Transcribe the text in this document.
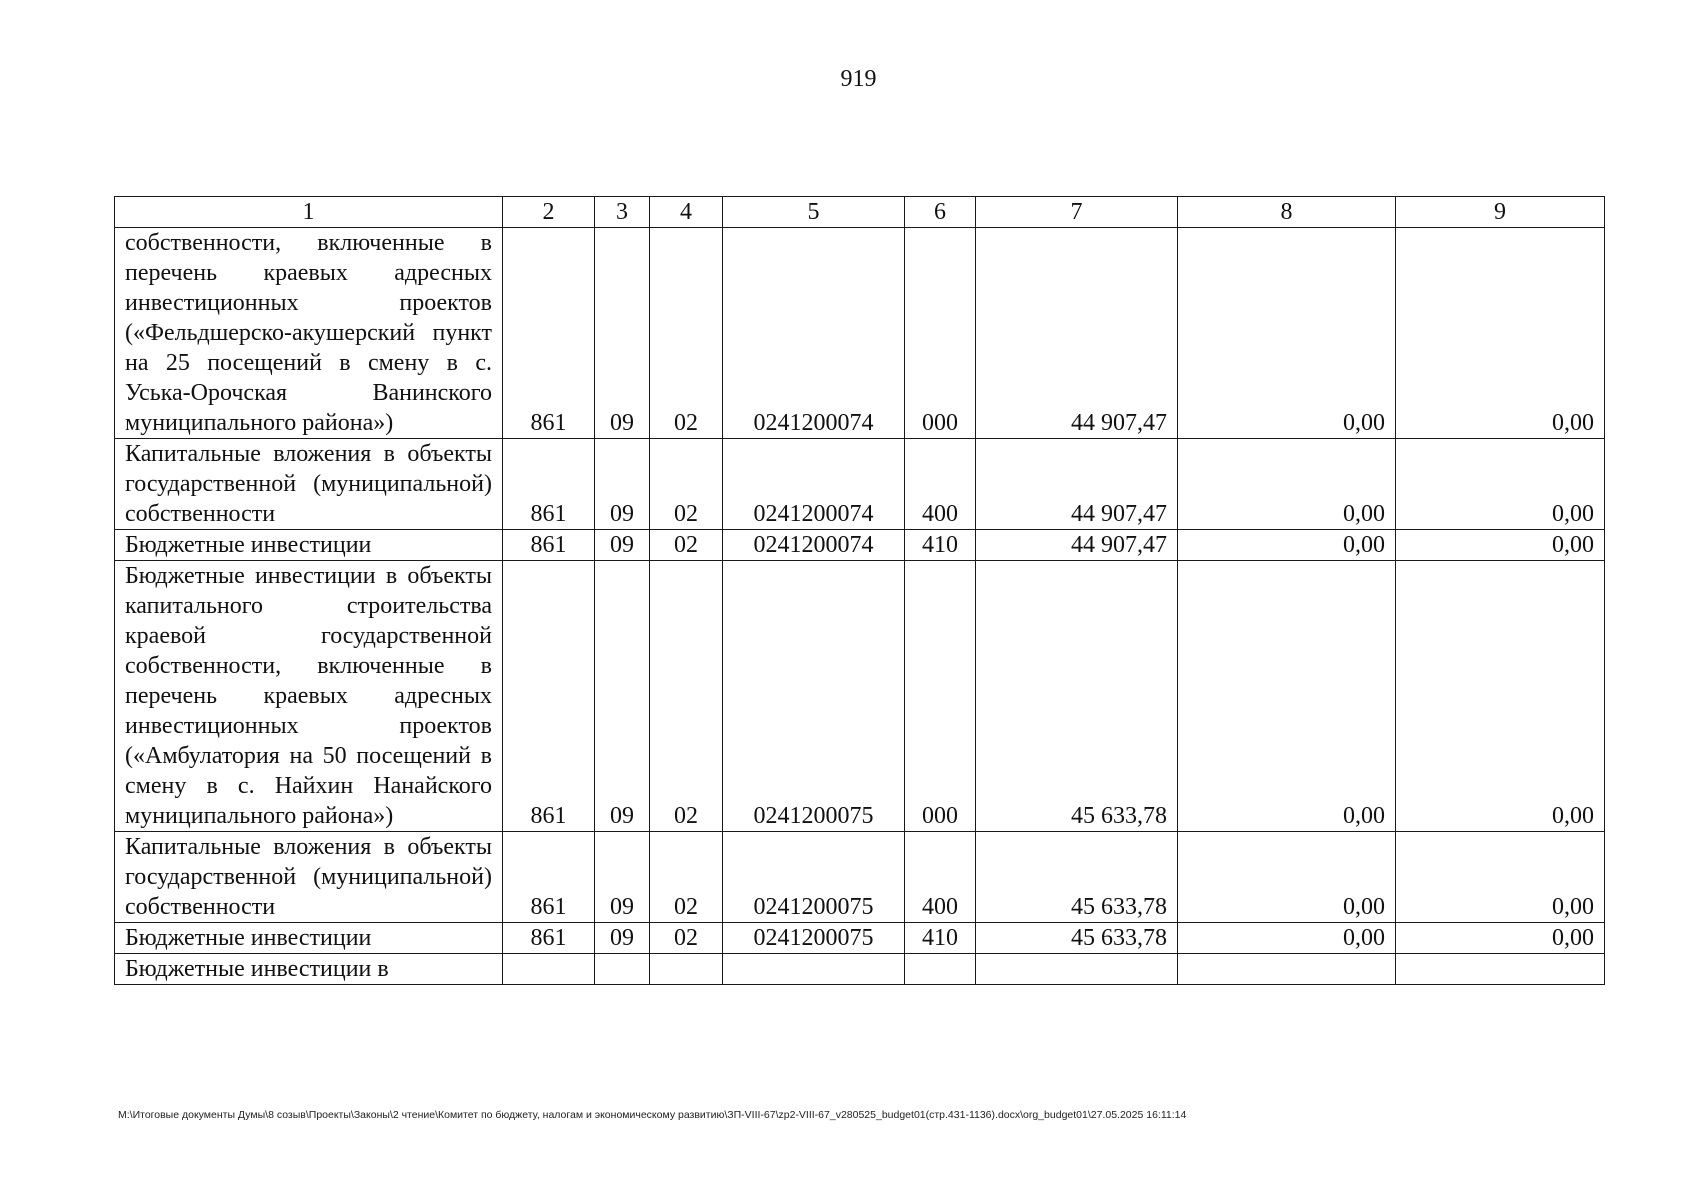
919
1	2	3	4	5	6	7	8	9
собственности, включенные в перечень краевых адресных инвестиционных проектов («Фельдшерско-акушерский пункт на 25 посещений в смену в с. Уська-Орочская Ванинского муниципального района»)	861	09	02	0241200074	000	44 907,47	0,00	0,00
Капитальные вложения в объекты государственной (муниципальной) собственности	861	09	02	0241200074	400	44 907,47	0,00	0,00
Бюджетные инвестиции	861	09	02	0241200074	410	44 907,47	0,00	0,00
Бюджетные инвестиции в объекты капитального строительства краевой государственной собственности, включенные в перечень краевых адресных инвестиционных проектов («Амбулатория на 50 посещений в смену в с. Найхин Нанайского муниципального района»)	861	09	02	0241200075	000	45 633,78	0,00	0,00
Капитальные вложения в объекты государственной (муниципальной) собственности	861	09	02	0241200075	400	45 633,78	0,00	0,00
Бюджетные инвестиции	861	09	02	0241200075	410	45 633,78	0,00	0,00
Бюджетные инвестиции в								
M:\Итоговые документы Думы\8 созыв\Проекты\Законы\2 чтение\Комитет по бюджету, налогам и экономическому развитию\ЗП-VIII-67\zp2-VIII-67_v280525_budget01(стр.431-1136).docx\org_budget01\27.05.2025 16:11:14
